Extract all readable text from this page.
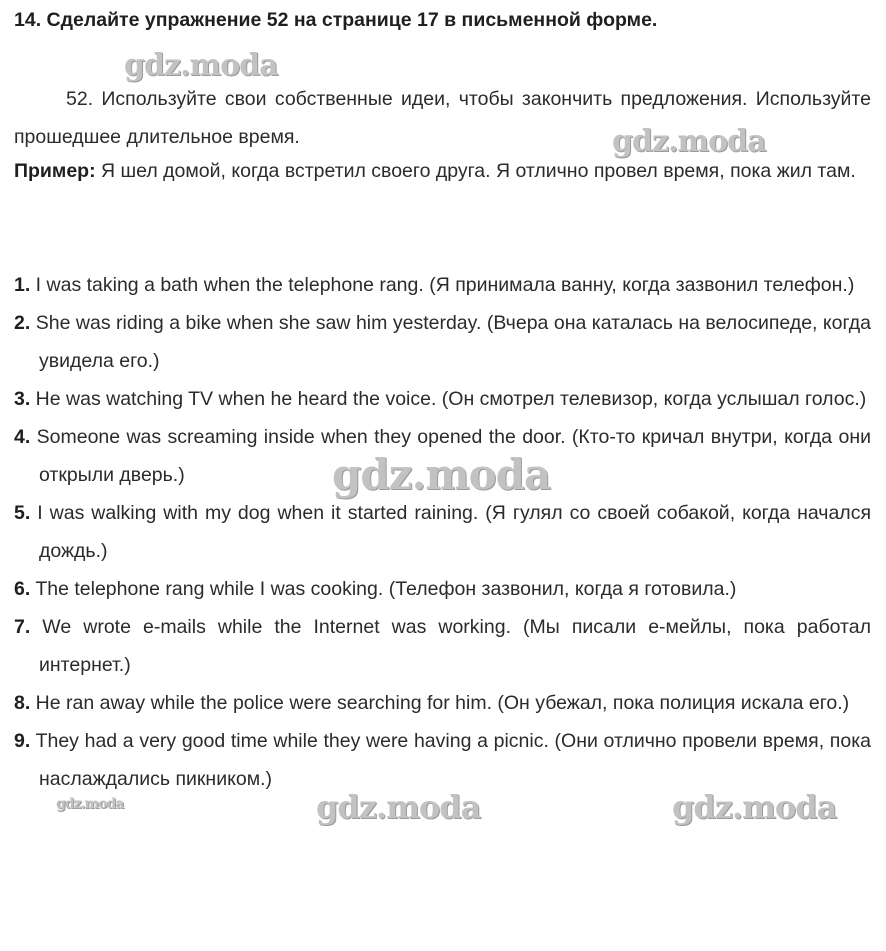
14. Сделайте упражнение 52 на странице 17 в письменной форме.

52. Используйте свои собственные идеи, чтобы закончить предложения. Используйте прошедшее длительное время.

Пример: Я шел домой, когда встретил своего друга. Я отлично провел время, пока жил там.

1. I was taking a bath when the telephone rang. (Я принимала ванну, когда зазвонил телефон.)
2. She was riding a bike when she saw him yesterday. (Вчера она каталась на велосипеде, когда увидела его.)
3. He was watching TV when he heard the voice. (Он смотрел телевизор, когда услышал голос.)
4. Someone was screaming inside when they opened the door. (Кто-то кричал внутри, когда они открыли дверь.)
5. I was walking with my dog when it started raining. (Я гулял со своей собакой, когда начался дождь.)
6. The telephone rang while I was cooking. (Телефон зазвонил, когда я готовила.)
7. We wrote e-mails while the Internet was working. (Мы писали е-мейлы, пока работал интернет.)
8. He ran away while the police were searching for him. (Он убежал, пока полиция искала его.)
9. They had a very good time while they were having a picnic. (Они отлично провели время, пока наслаждались пикником.)
gdz.moda
gdz.moda
gdz.moda
gdz.moda	gdz.moda	gdz.moda
